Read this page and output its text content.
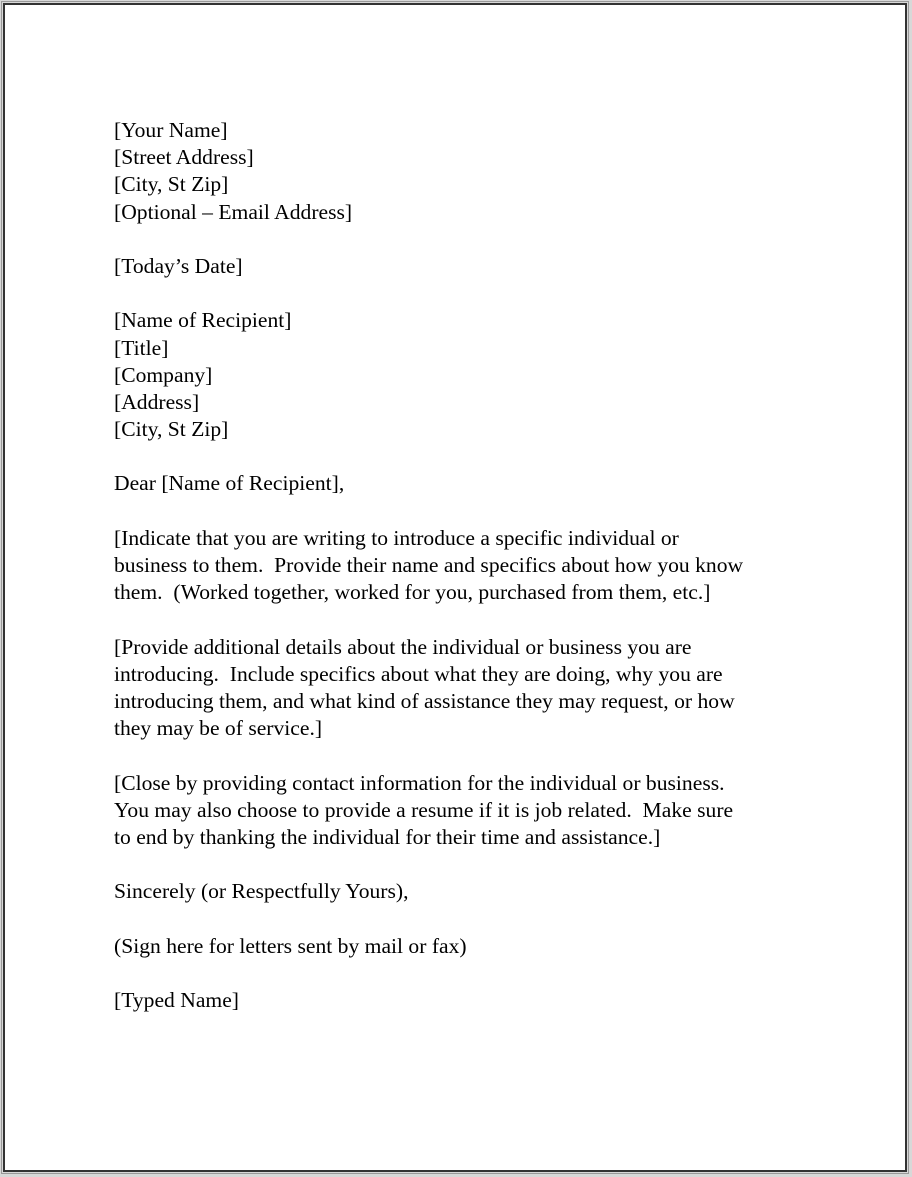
[Your Name]
[Street Address]
[City, St Zip]
[Optional – Email Address]
[Today’s Date]
[Name of Recipient]
[Title]
[Company]
[Address]
[City, St Zip]
Dear [Name of Recipient],
[Indicate that you are writing to introduce a specific individual or
business to them.  Provide their name and specifics about how you know
them.  (Worked together, worked for you, purchased from them, etc.]
[Provide additional details about the individual or business you are
introducing.  Include specifics about what they are doing, why you are
introducing them, and what kind of assistance they may request, or how
they may be of service.]
[Close by providing contact information for the individual or business.
You may also choose to provide a resume if it is job related.  Make sure
to end by thanking the individual for their time and assistance.]
Sincerely (or Respectfully Yours),
(Sign here for letters sent by mail or fax)
[Typed Name]
